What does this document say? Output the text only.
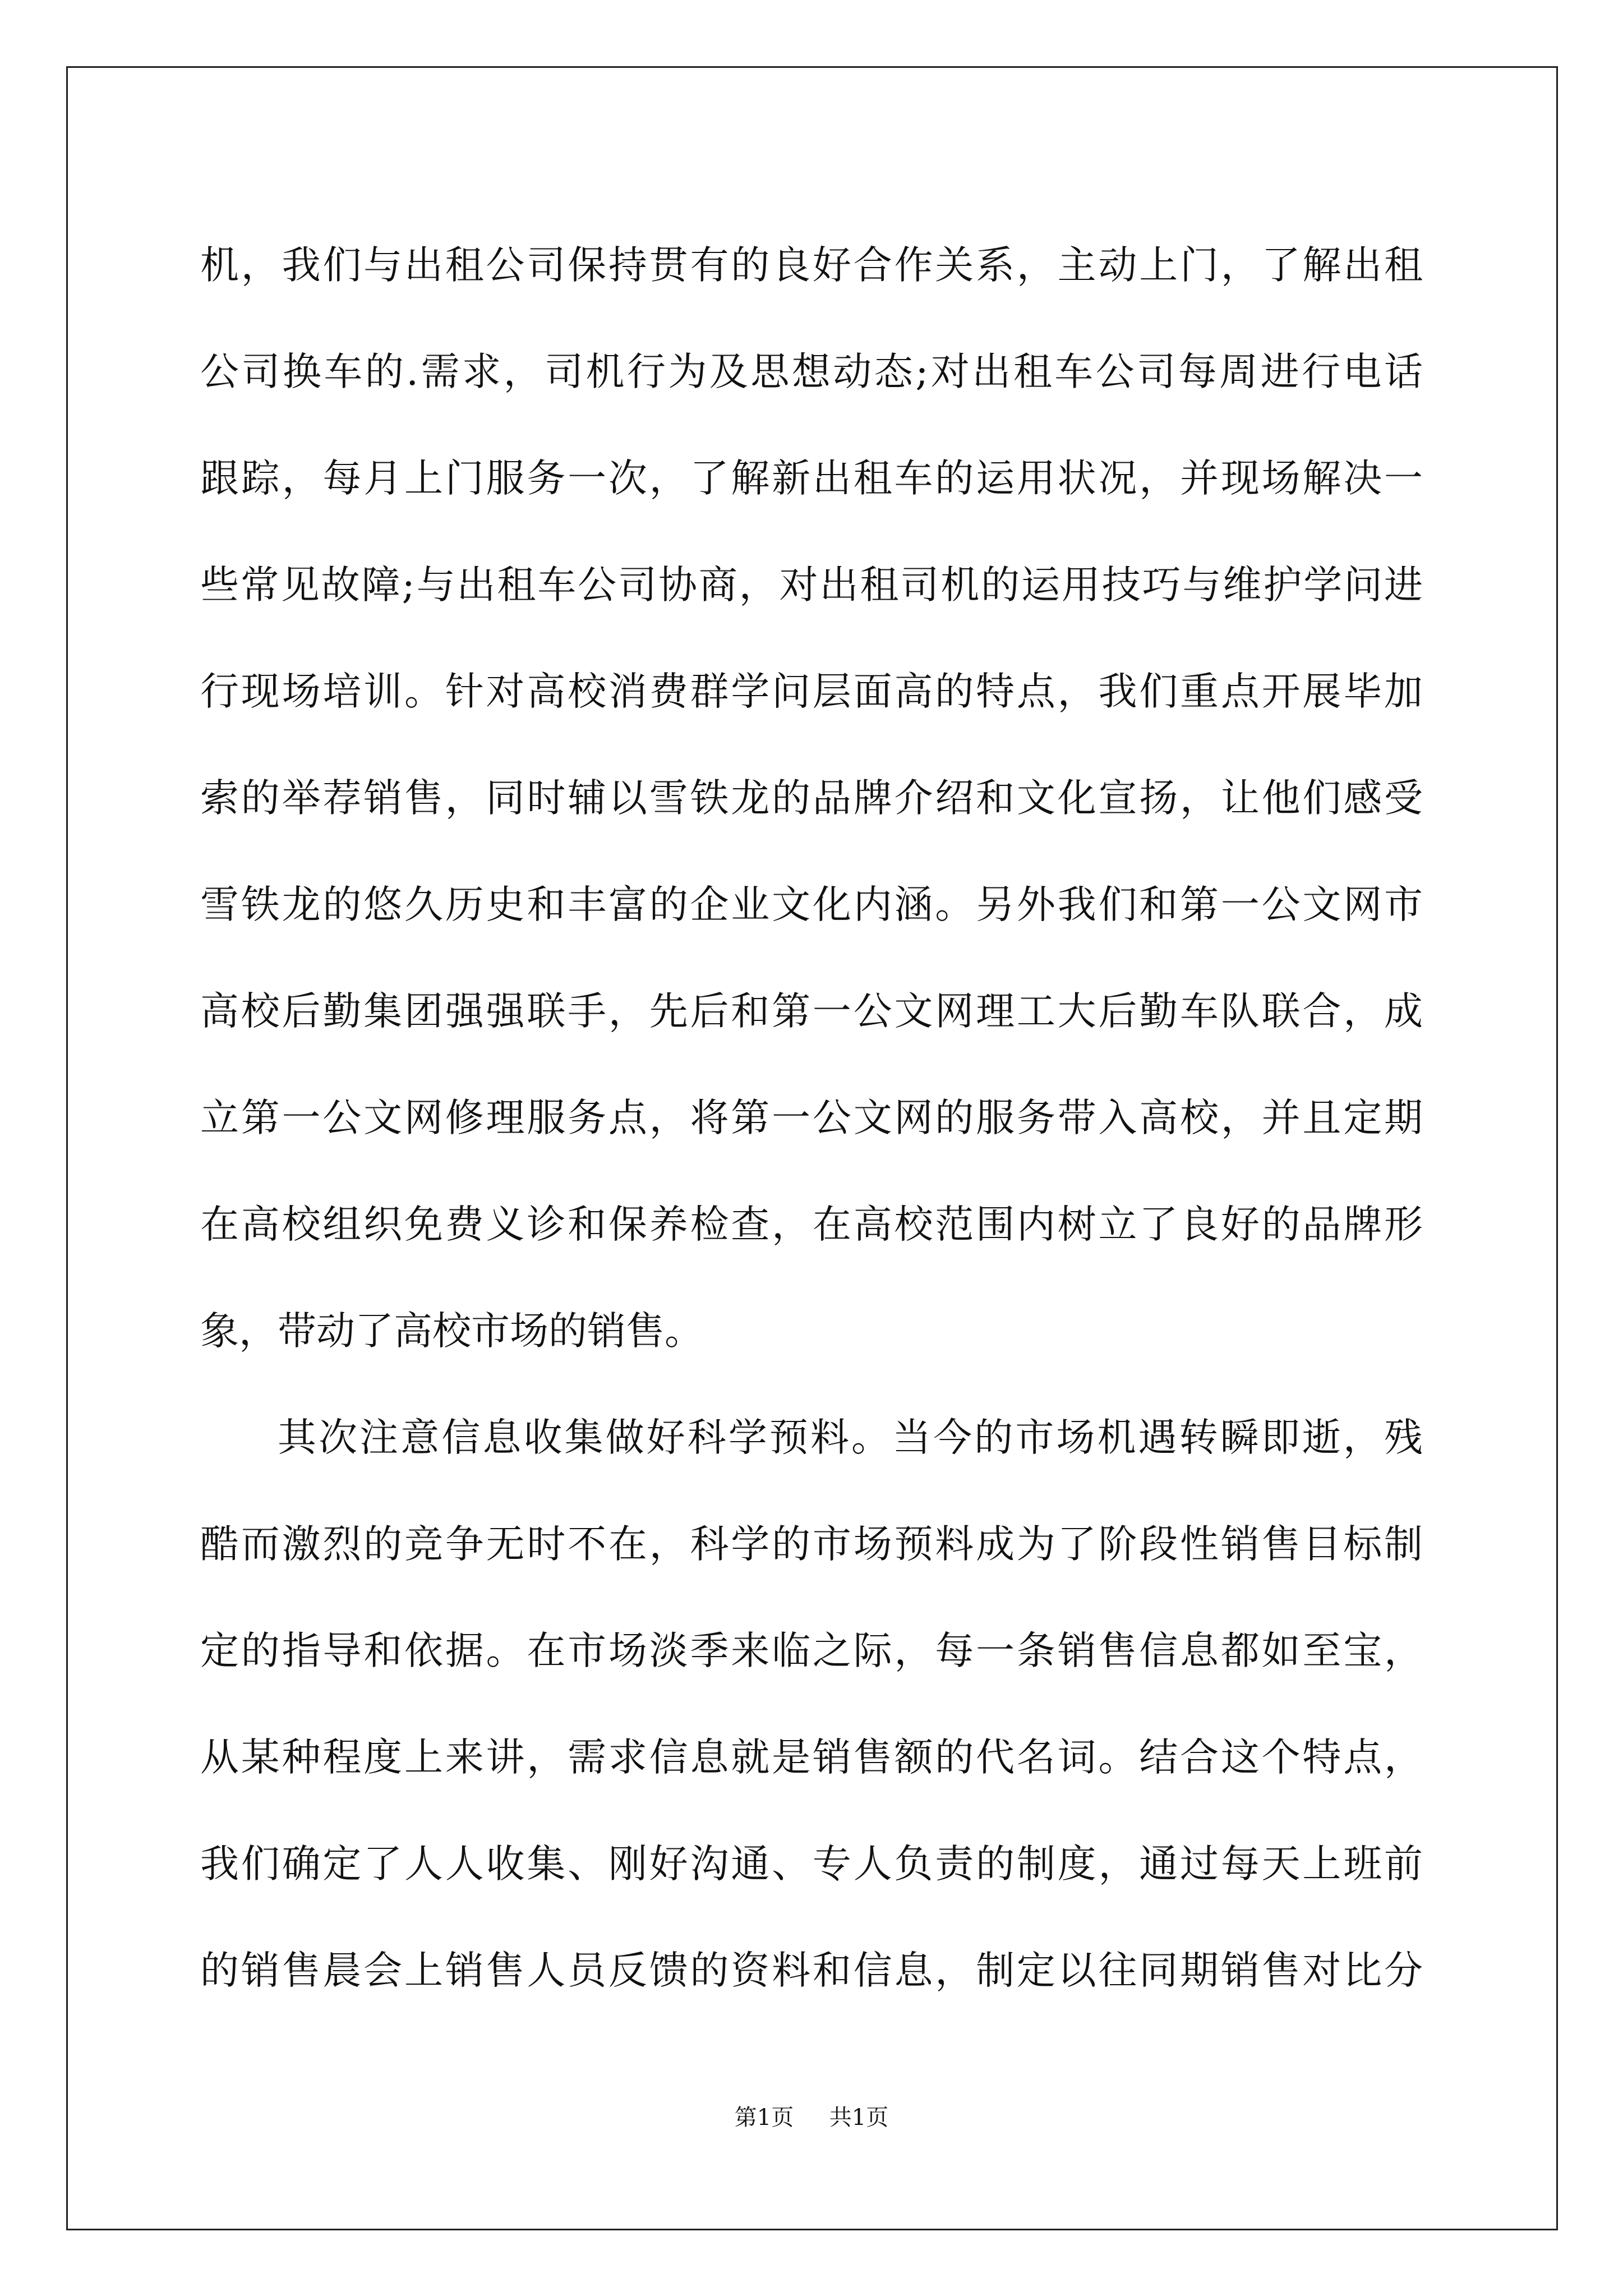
机，我们与出租公司保持贯有的良好合作关系，主动上门，了解出租
公司换车的.需求，司机行为及思想动态;对出租车公司每周进行电话
跟踪，每月上门服务一次，了解新出租车的运用状况，并现场解决一
些常见故障;与出租车公司协商，对出租司机的运用技巧与维护学问进
行现场培训。针对高校消费群学问层面高的特点，我们重点开展毕加
索的举荐销售，同时辅以雪铁龙的品牌介绍和文化宣扬，让他们感受
雪铁龙的悠久历史和丰富的企业文化内涵。另外我们和第一公文网市
高校后勤集团强强联手，先后和第一公文网理工大后勤车队联合，成
立第一公文网修理服务点，将第一公文网的服务带入高校，并且定期
在高校组织免费义诊和保养检查，在高校范围内树立了良好的品牌形
象，带动了高校市场的销售。
其次注意信息收集做好科学预料。当今的市场机遇转瞬即逝，残
酷而激烈的竞争无时不在，科学的市场预料成为了阶段性销售目标制
定的指导和依据。在市场淡季来临之际，每一条销售信息都如至宝，
从某种程度上来讲，需求信息就是销售额的代名词。结合这个特点，
我们确定了人人收集、刚好沟通、专人负责的制度，通过每天上班前
的销售晨会上销售人员反馈的资料和信息，制定以往同期销售对比分
第1页 共1页
